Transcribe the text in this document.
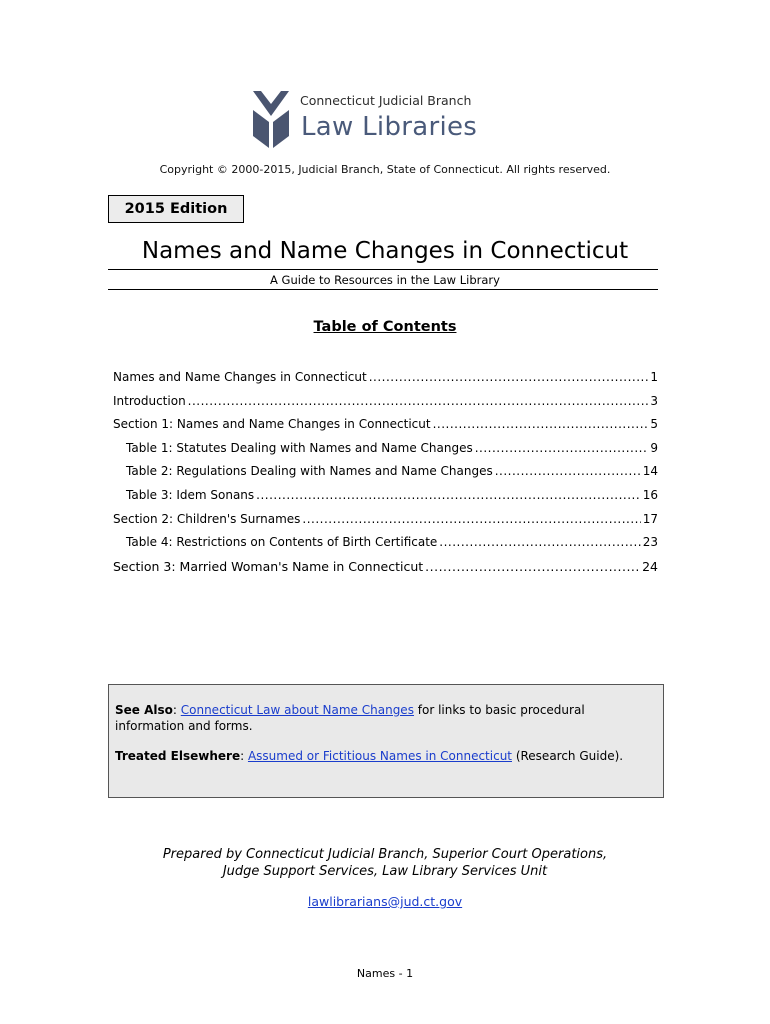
Connecticut Judicial Branch
Law Libraries
Copyright © 2000-2015, Judicial Branch, State of Connecticut. All rights reserved.
2015 Edition
Names and Name Changes in Connecticut
A Guide to Resources in the Law Library
Table of Contents
Names and Name Changes in Connecticut .....	1
Introduction .....	3
Section 1: Names and Name Changes in Connecticut .....	5
Table 1: Statutes Dealing with Names and Name Changes .....	9
Table 2: Regulations Dealing with Names and Name Changes .....	14
Table 3: Idem Sonans .....	16
Section 2: Children's Surnames .....	17
Table 4: Restrictions on Contents of Birth Certificate .....	23
Section 3: Married Woman's Name in Connecticut .....	24

See Also: Connecticut Law about Name Changes for links to basic procedural information and forms.

Treated Elsewhere: Assumed or Fictitious Names in Connecticut (Research Guide).

Prepared by Connecticut Judicial Branch, Superior Court Operations,
Judge Support Services, Law Library Services Unit
lawlibrarians@jud.ct.gov
Names - 1
